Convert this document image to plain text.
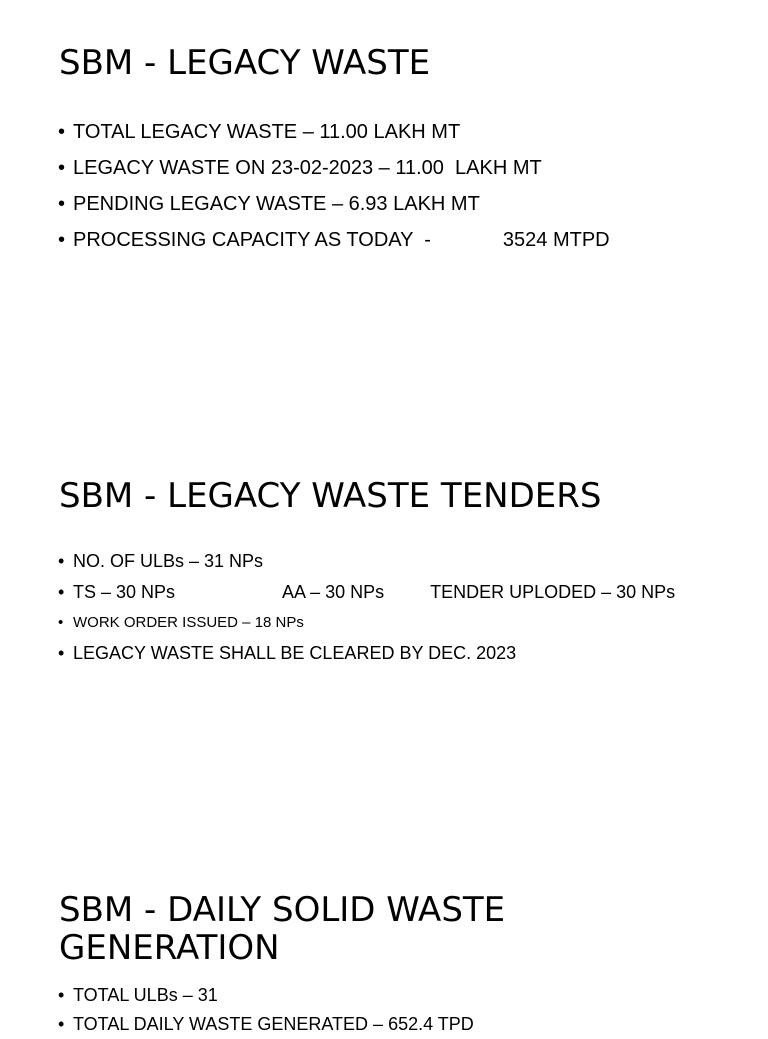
SBM - LEGACY WASTE
• TOTAL LEGACY WASTE – 11.00 LAKH MT
• LEGACY WASTE ON 23-02-2023 – 11.00  LAKH MT
• PENDING LEGACY WASTE – 6.93 LAKH MT
• PROCESSING CAPACITY AS TODAY  -	3524 MTPD
SBM - LEGACY WASTE TENDERS
• NO. OF ULBs – 31 NPs
• TS – 30 NPs	AA – 30 NPs	TENDER UPLODED – 30 NPs
• WORK ORDER ISSUED – 18 NPs
• LEGACY WASTE SHALL BE CLEARED BY DEC. 2023
SBM - DAILY SOLID WASTE
GENERATION
• TOTAL ULBs – 31
• TOTAL DAILY WASTE GENERATED – 652.4 TPD
